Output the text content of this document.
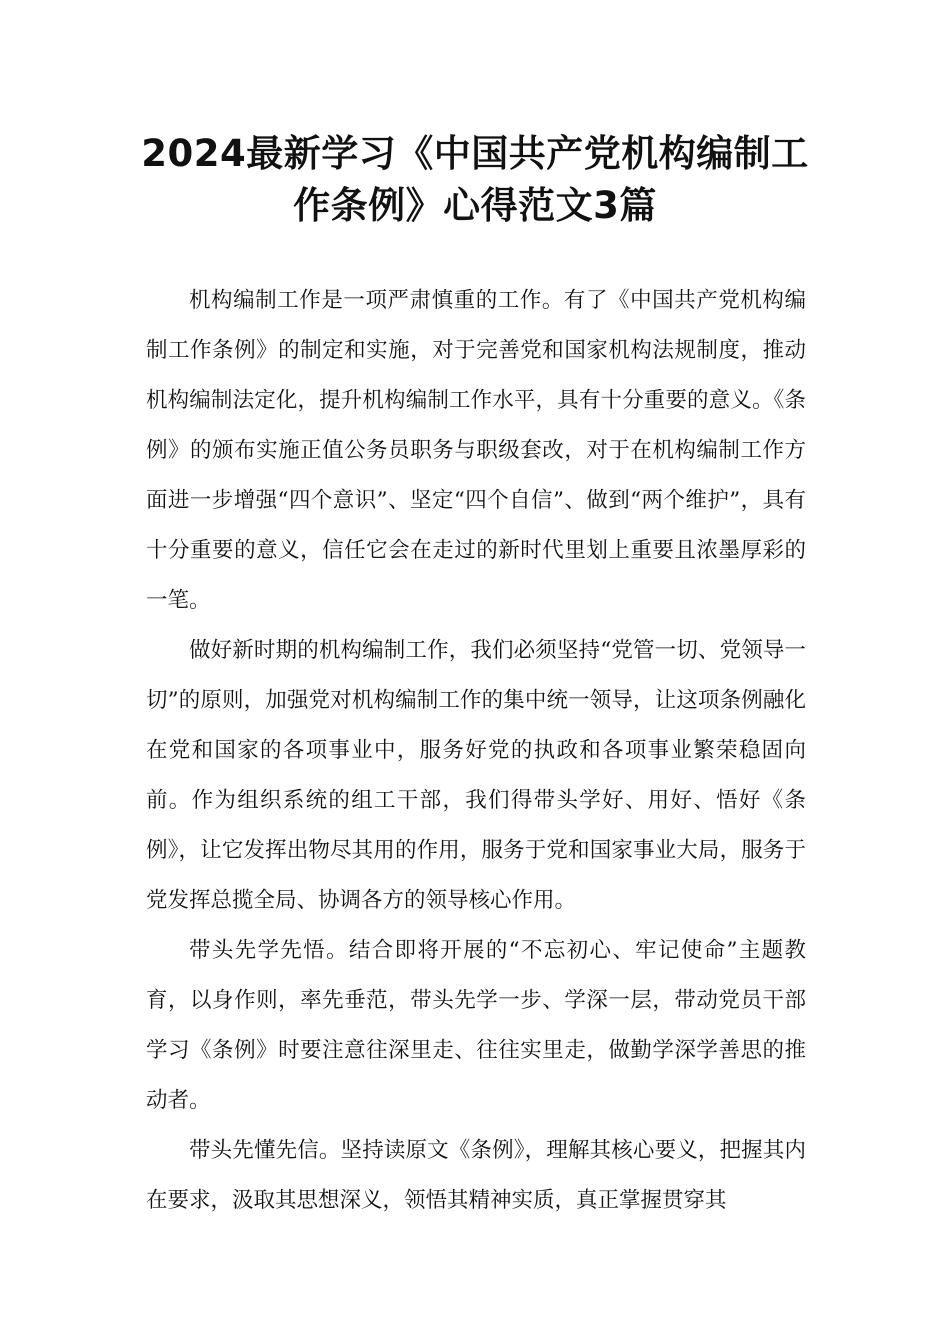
2024最新学习《中国共产党机构编制工
作条例》心得范文3篇

机构编制工作是一项严肃慎重的工作。有了《中国共产党机构编制工作条例》的制定和实施，对于完善党和国家机构法规制度，推动机构编制法定化，提升机构编制工作水平，具有十分重要的意义。《条例》的颁布实施正值公务员职务与职级套改，对于在机构编制工作方面进一步增强“四个意识”、坚定“四个自信”、做到“两个维护”，具有十分重要的意义，信任它会在走过的新时代里划上重要且浓墨厚彩的一笔。

做好新时期的机构编制工作，我们必须坚持“党管一切、党领导一切”的原则，加强党对机构编制工作的集中统一领导，让这项条例融化在党和国家的各项事业中，服务好党的执政和各项事业繁荣稳固向前。作为组织系统的组工干部，我们得带头学好、用好、悟好《条例》，让它发挥出物尽其用的作用，服务于党和国家事业大局，服务于党发挥总揽全局、协调各方的领导核心作用。

带头先学先悟。结合即将开展的“不忘初心、牢记使命”主题教育，以身作则，率先垂范，带头先学一步、学深一层，带动党员干部学习《条例》时要注意往深里走、往往实里走，做勤学深学善思的推动者。

带头先懂先信。坚持读原文《条例》，理解其核心要义，把握其内在要求，汲取其思想深义，领悟其精神实质，真正掌握贯穿其
